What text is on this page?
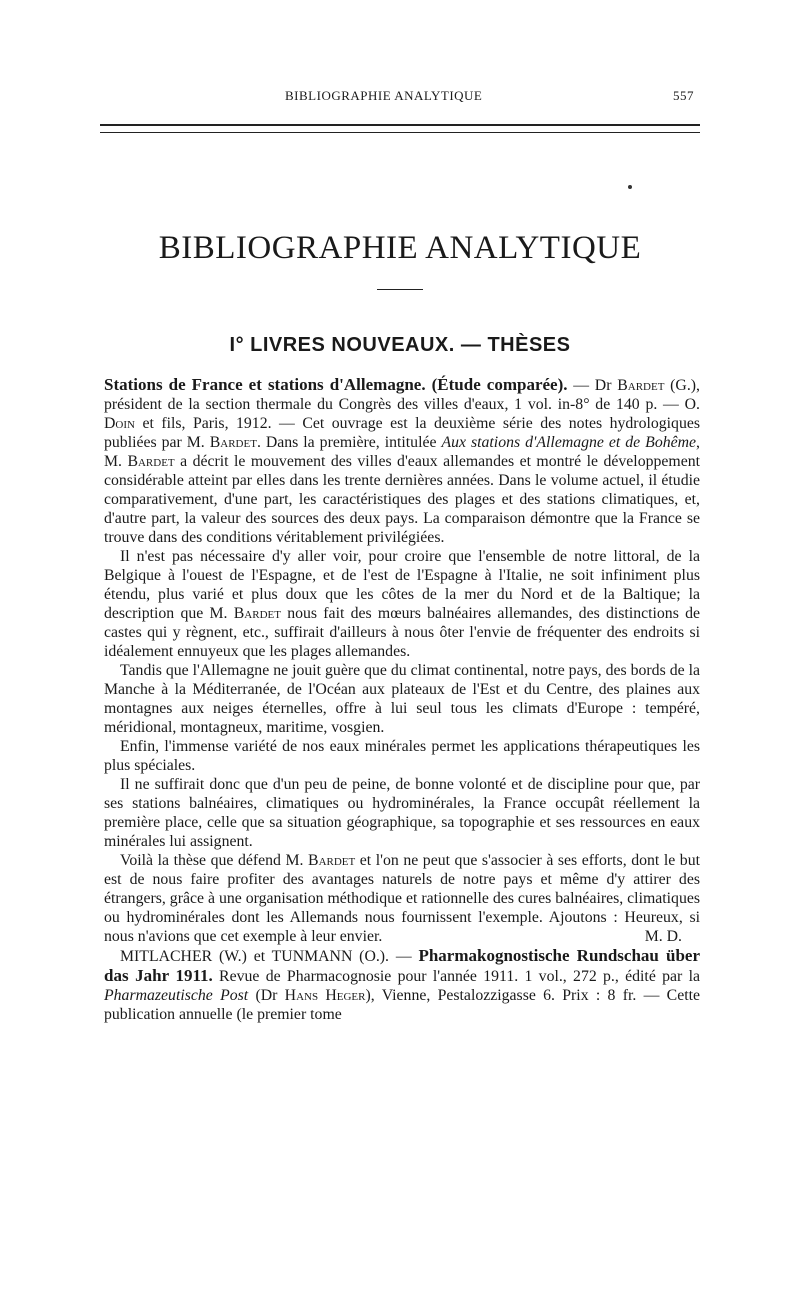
BIBLIOGRAPHIE ANALYTIQUE	557
BIBLIOGRAPHIE ANALYTIQUE
I° LIVRES NOUVEAUX. — THÈSES

Stations de France et stations d'Allemagne. (Étude comparée). — Dr Bardet (G.), président de la section thermale du Congrès des villes d'eaux, 1 vol. in-8° de 140 p. — O. Doin et fils, Paris, 1912. — Cet ouvrage est la deuxième série des notes hydrologiques publiées par M. Bardet. Dans la première, intitulée Aux stations d'Allemagne et de Bohême, M. Bardet a décrit le mouvement des villes d'eaux allemandes et montré le développement considérable atteint par elles dans les trente dernières années. Dans le volume actuel, il étudie comparativement, d'une part, les caractéristiques des plages et des stations climatiques, et, d'autre part, la valeur des sources des deux pays. La comparaison démontre que la France se trouve dans des conditions véritablement privilégiées.

Il n'est pas nécessaire d'y aller voir, pour croire que l'ensemble de notre littoral, de la Belgique à l'ouest de l'Espagne, et de l'est de l'Espagne à l'Italie, ne soit infiniment plus étendu, plus varié et plus doux que les côtes de la mer du Nord et de la Baltique; la description que M. Bardet nous fait des mœurs balnéaires allemandes, des distinctions de castes qui y règnent, etc., suffirait d'ailleurs à nous ôter l'envie de fréquenter des endroits si idéalement ennuyeux que les plages allemandes.

Tandis que l'Allemagne ne jouit guère que du climat continental, notre pays, des bords de la Manche à la Méditerranée, de l'Océan aux plateaux de l'Est et du Centre, des plaines aux montagnes aux neiges éternelles, offre à lui seul tous les climats d'Europe : tempéré, méridional, montagneux, maritime, vosgien.

Enfin, l'immense variété de nos eaux minérales permet les applications thérapeutiques les plus spéciales.

Il ne suffirait donc que d'un peu de peine, de bonne volonté et de discipline pour que, par ses stations balnéaires, climatiques ou hydrominérales, la France occupât réellement la première place, celle que sa situation géographique, sa topographie et ses ressources en eaux minérales lui assignent.

Voilà la thèse que défend M. Bardet et l'on ne peut que s'associer à ses efforts, dont le but est de nous faire profiter des avantages naturels de notre pays et même d'y attirer des étrangers, grâce à une organisation méthodique et rationnelle des cures balnéaires, climatiques ou hydrominérales dont les Allemands nous fournissent l'exemple. Ajoutons : Heureux, si nous n'avions que cet exemple à leur envier.	M. D.

MITLACHER (W.) et TUNMANN (O.). — Pharmakognostische Rundschau über das Jahr 1911. Revue de Pharmacognosie pour l'année 1911. 1 vol., 272 p., édité par la Pharmazeutische Post (Dr Hans Heger), Vienne, Pestalozzigasse 6. Prix : 8 fr. — Cette publication annuelle (le premier tome
